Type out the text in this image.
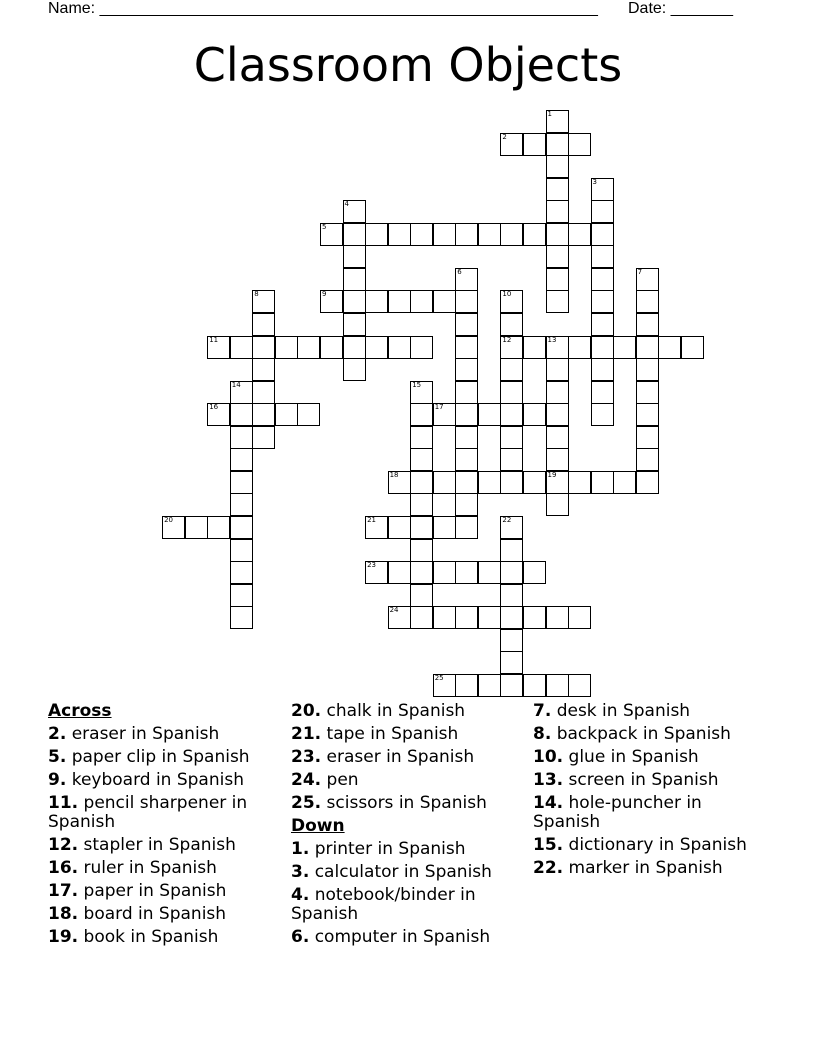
Name: ________________________________________________________ Date: _______
Classroom Objects
1
2
3
4
5
6	7
8	9	10
12
11	13
19
14	15
16	17
18
20	21	22
23
24
25
Across
2. eraser in Spanish
5. paper clip in Spanish
9. keyboard in Spanish
11. pencil sharpener in Spanish
12. stapler in Spanish
16. ruler in Spanish
17. paper in Spanish
18. board in Spanish
19. book in Spanish
20. chalk in Spanish
21. tape in Spanish
23. eraser in Spanish
24. pen
25. scissors in Spanish
Down
1. printer in Spanish
3. calculator in Spanish
4. notebook/binder in Spanish
6. computer in Spanish
7. desk in Spanish
8. backpack in Spanish
10. glue in Spanish
13. screen in Spanish
14. hole-puncher in Spanish
15. dictionary in Spanish
22. marker in Spanish
